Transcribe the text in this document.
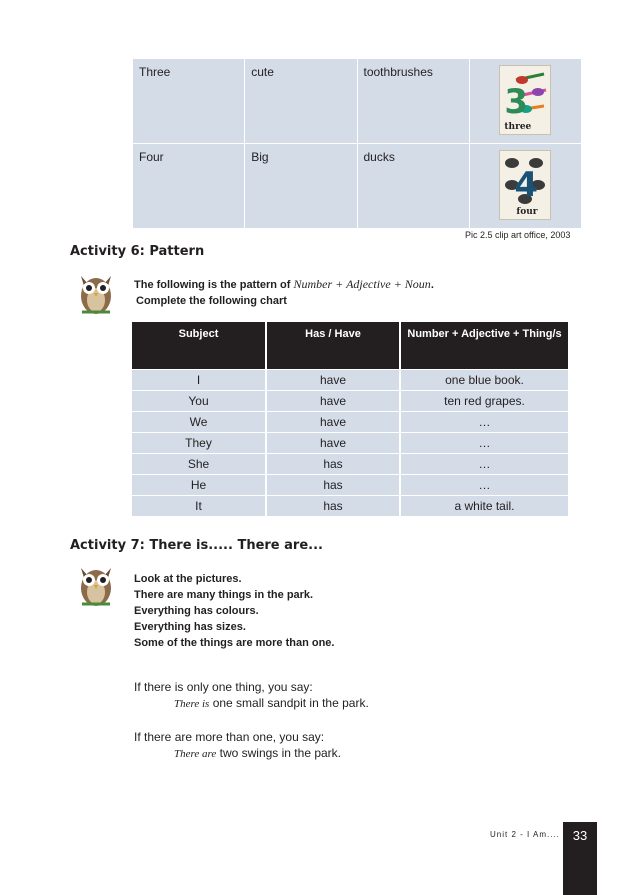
Three	cute	toothbrushes	3
three

Four	Big	ducks	4
four
Pic 2.5 clip art office, 2003
Activity 6: Pattern
The following is the pattern of Number + Adjective + Noun.
Complete the following chart
Subject	Has / Have	Number + Adjective + Thing/s
I	have	one blue book.
You	have	ten red grapes.
We	have	…
They	have	…
She	has	…
He	has	…
It	has	a white tail.
Activity 7: There is..... There are...
Look at the pictures.
There are many things in the park.
Everything has colours.
Everything has sizes.
Some of the things are more than one.
If there is only one thing, you say:
There is one small sandpit in the park.
If there are more than one, you say:
There are two swings in the park.
Unit 2 - I Am.... 33
